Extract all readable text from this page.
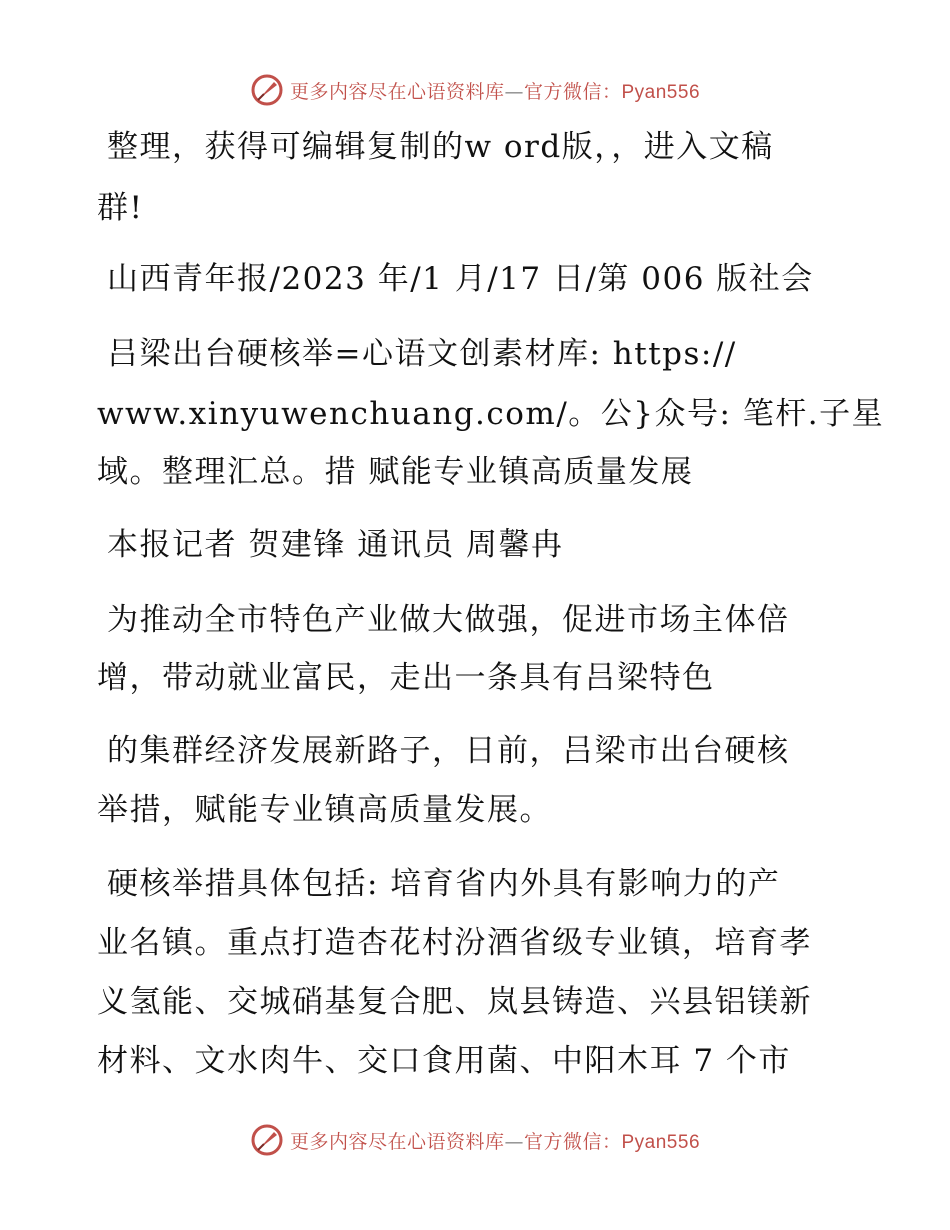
更多内容尽在心语资料库—官方微信：Pyan556
整理，获得可编辑复制的w ord版，，进入文稿
群!
山西青年报/2023 年/1 月/17 日/第 006 版社会
吕梁出台硬核举=心语文创素材库: https://
www.xinyuwenchuang.com/。公}众号: 笔杆.子星
域。整理汇总。措 赋能专业镇高质量发展
本报记者 贺建锋 通讯员 周馨冉
为推动全市特色产业做大做强，促进市场主体倍
增，带动就业富民，走出一条具有吕梁特色
的集群经济发展新路子，日前，吕梁市出台硬核
举措，赋能专业镇高质量发展。
硬核举措具体包括: 培育省内外具有影响力的产
业名镇。重点打造杏花村汾酒省级专业镇，培育孝
义氢能、交城硝基复合肥、岚县铸造、兴县铝镁新
材料、文水肉牛、交口食用菌、中阳木耳 7 个市
更多内容尽在心语资料库—官方微信：Pyan556
